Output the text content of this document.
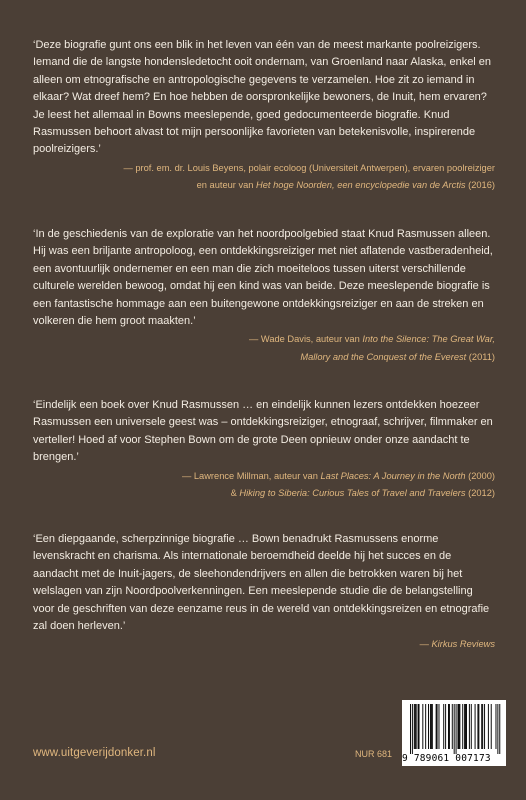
‘Deze biografie gunt ons een blik in het leven van één van de meest markante poolreizigers. Iemand die de langste hondensledetocht ooit ondernam, van Groenland naar Alaska, enkel en alleen om etnografische en antropologische gegevens te verzamelen. Hoe zit zo iemand in elkaar? Wat dreef hem? En hoe hebben de oorspronkelijke bewoners, de Inuit, hem ervaren? Je leest het allemaal in Bowns meeslepende, goed gedocumenteerde biografie. Knud Rasmussen behoort alvast tot mijn persoonlijke favorieten van betekenisvolle, inspirerende poolreizigers.’

— prof. em. dr. Louis Beyens, polair ecoloog (Universiteit Antwerpen), ervaren poolreiziger
en auteur van Het hoge Noorden, een encyclopedie van de Arctis (2016)

‘In de geschiedenis van de exploratie van het noordpoolgebied staat Knud Rasmussen alleen. Hij was een briljante antropoloog, een ontdekkingsreiziger met niet aflatende vastberadenheid, een avontuurlijk ondernemer en een man die zich moeiteloos tussen uiterst verschillende culturele werelden bewoog, omdat hij een kind was van beide. Deze meeslepende biografie is een fantastische hommage aan een buitengewone ontdekkingsreiziger en aan de streken en volkeren die hem groot maakten.’

— Wade Davis, auteur van Into the Silence: The Great War,
Mallory and the Conquest of the Everest (2011)

‘Eindelijk een boek over Knud Rasmussen … en eindelijk kunnen lezers ontdekken hoezeer Rasmussen een universele geest was – ontdekkingsreiziger, etnograaf, schrijver, filmmaker en verteller! Hoed af voor Stephen Bown om de grote Deen opnieuw onder onze aandacht te brengen.’

— Lawrence Millman, auteur van Last Places: A Journey in the North (2000)
& Hiking to Siberia: Curious Tales of Travel and Travelers (2012)

‘Een diepgaande, scherpzinnige biografie … Bown benadrukt Rasmussens enorme levenskracht en charisma. Als internationale beroemdheid deelde hij het succes en de aandacht met de Inuit-jagers, de sleehondendrijvers en allen die betrokken waren bij het welslagen van zijn Noordpoolverkenningen. Een meeslepende studie die de belangstelling voor de geschriften van deze eenzame reus in de wereld van ontdekkingsreizen en etnografie zal doen herleven.’

— Kirkus Reviews
www.uitgeverijdonker.nl	NUR 681 9 789061 007173
